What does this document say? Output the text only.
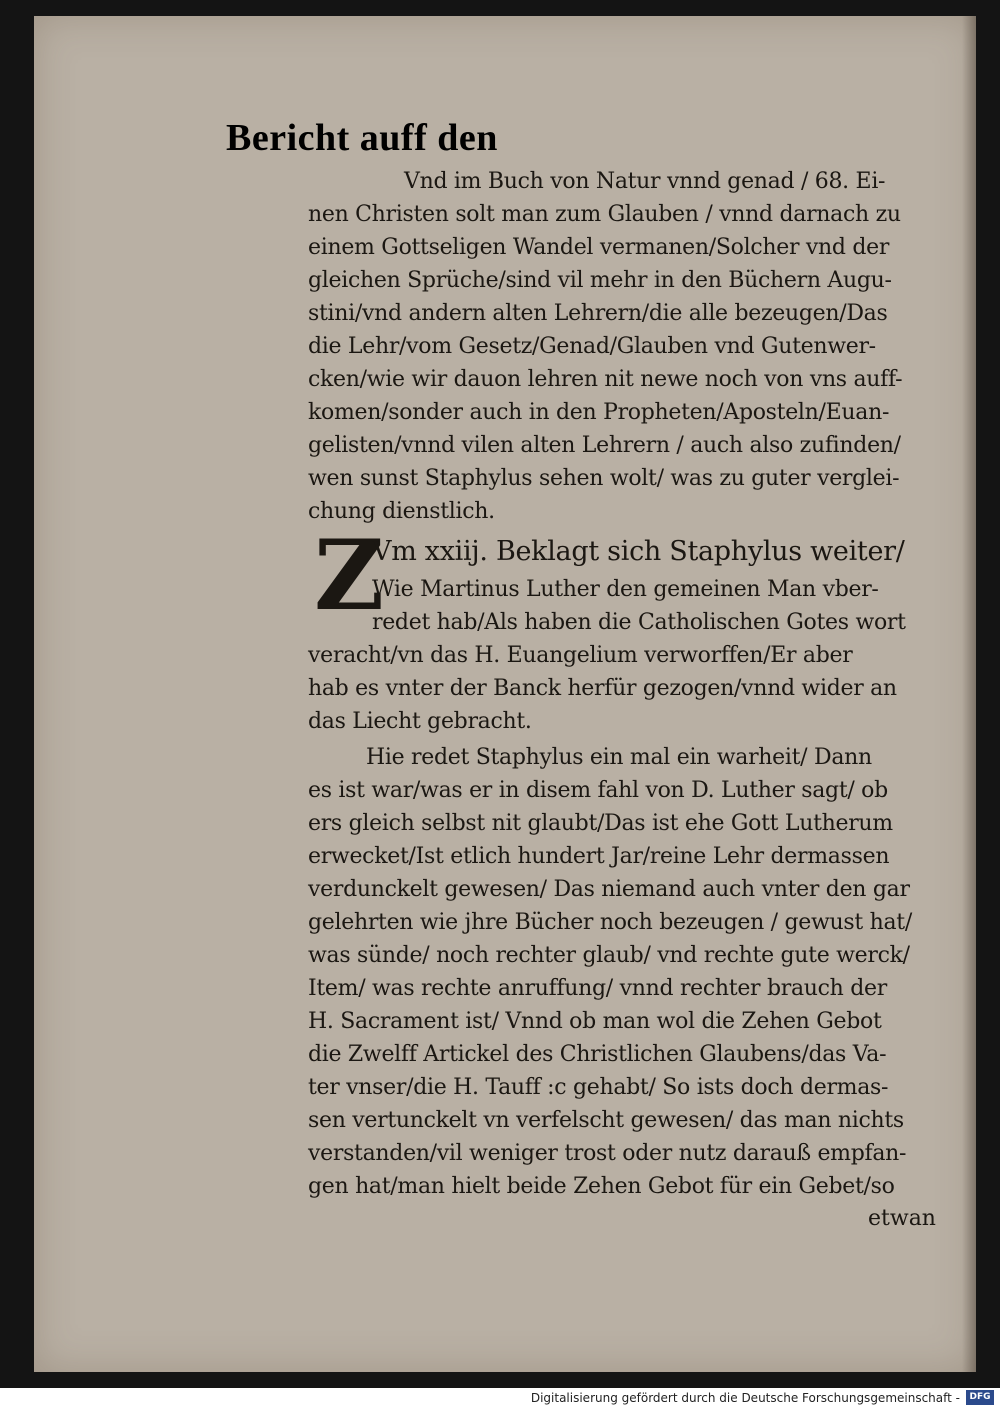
Bericht auff den
Vnd im Buch von Natur vnnd genad / 68. Ei-
nen Christen solt man zum Glauben / vnnd darnach zu
einem Gottseligen Wandel vermanen/Solcher vnd der
gleichen Sprüche/sind vil mehr in den Büchern Augu-
stini/vnd andern alten Lehrern/die alle bezeugen/Das
die Lehr/vom Gesetz/Genad/Glauben vnd Gutenwer-
cken/wie wir dauon lehren nit newe noch von vns auff-
komen/sonder auch in den Propheten/Aposteln/Euan-
gelisten/vnnd vilen alten Lehrern / auch also zufinden/
wen sunst Staphylus sehen wolt/ was zu guter verglei-
chung dienstlich.
Z
Vm xxiij. Beklagt sich Staphylus weiter/
Wie Martinus Luther den gemeinen Man vber-
redet hab/Als haben die Catholischen Gotes wort
veracht/vn das H. Euangelium verworffen/Er aber
hab es vnter der Banck herfür gezogen/vnnd wider an
das Liecht gebracht.
Hie redet Staphylus ein mal ein warheit/ Dann
es ist war/was er in disem fahl von D. Luther sagt/ ob
ers gleich selbst nit glaubt/Das ist ehe Gott Lutherum
erwecket/Ist etlich hundert Jar/reine Lehr dermassen
verdunckelt gewesen/ Das niemand auch vnter den gar
gelehrten wie jhre Bücher noch bezeugen / gewust hat/
was sünde/ noch rechter glaub/ vnd rechte gute werck/
Item/ was rechte anruffung/ vnnd rechter brauch der
H. Sacrament ist/ Vnnd ob man wol die Zehen Gebot
die Zwelff Artickel des Christlichen Glaubens/das Va-
ter vnser/die H. Tauff :c gehabt/ So ists doch dermas-
sen vertunckelt vn verfelscht gewesen/ das man nichts
verstanden/vil weniger trost oder nutz darauß empfan-
gen hat/man hielt beide Zehen Gebot für ein Gebet/so
etwan
Digitalisierung gefördert durch die Deutsche Forschungsgemeinschaft -	DFG
